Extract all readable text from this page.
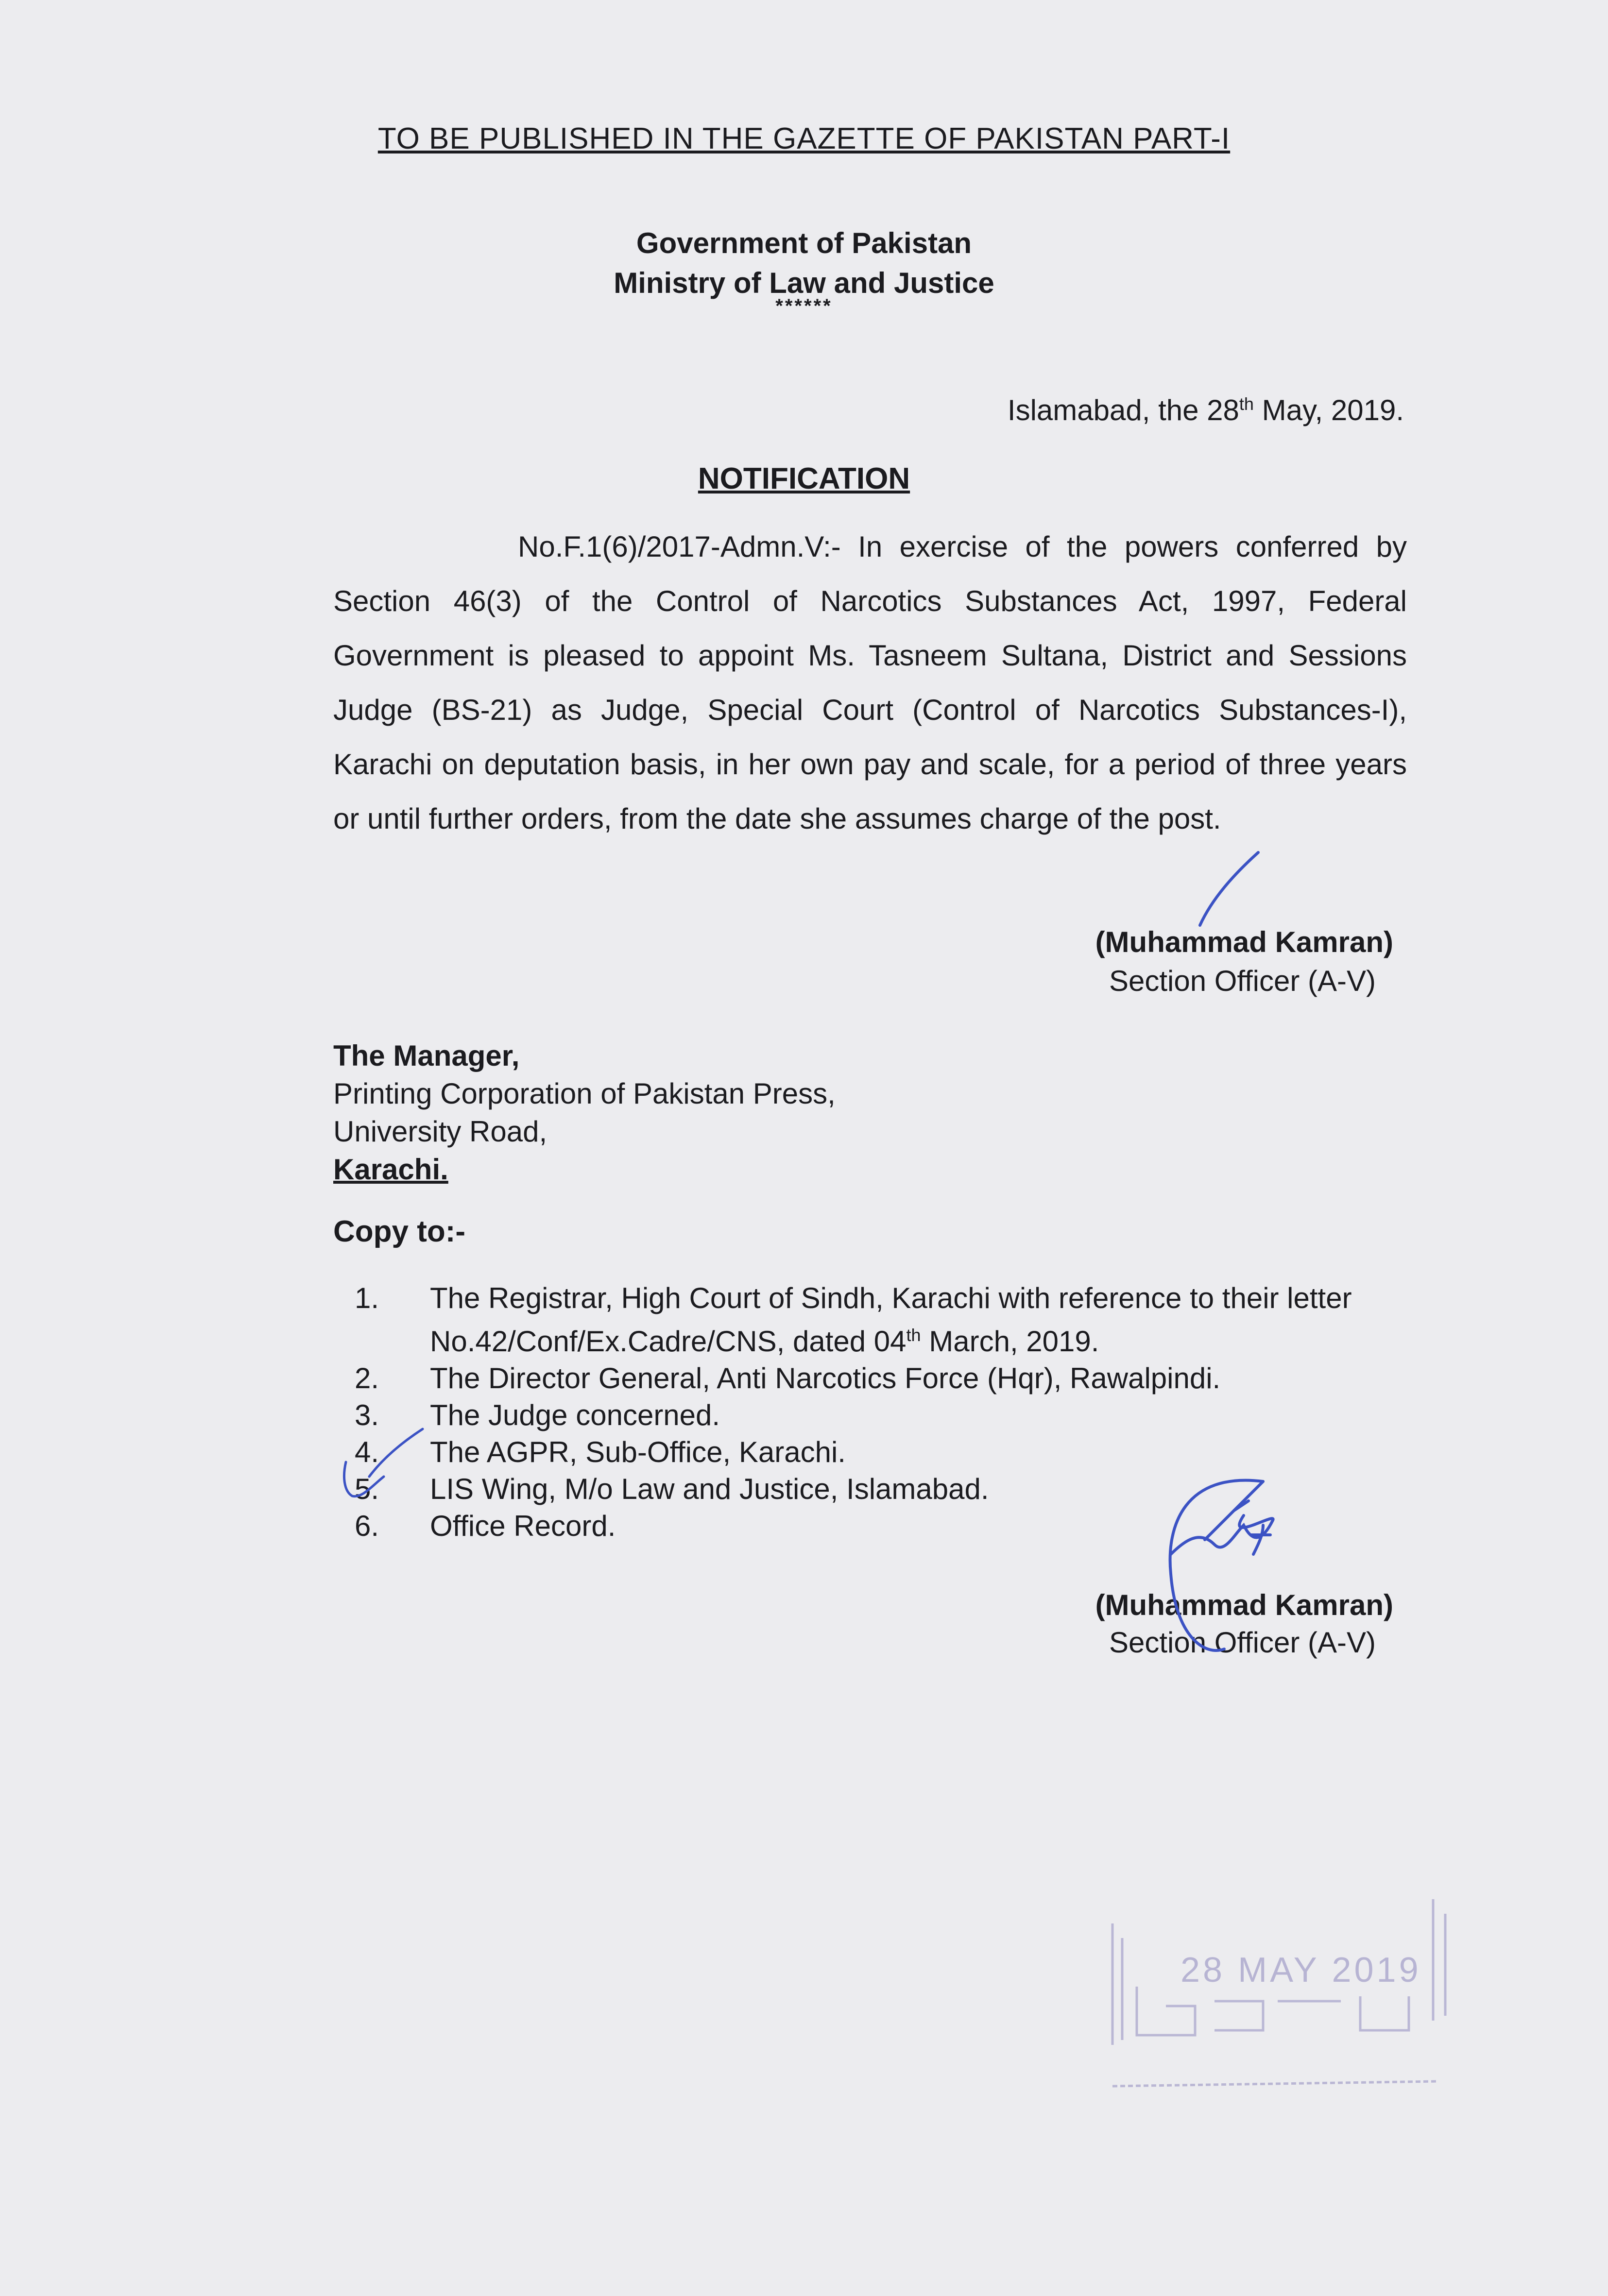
TO BE PUBLISHED IN THE GAZETTE OF PAKISTAN PART-I
Government of Pakistan
Ministry of Law and Justice
******
Islamabad, the 28th May, 2019.
NOTIFICATION
No.F.1(6)/2017-Admn.V:- In exercise of the powers conferred by Section 46(3) of the Control of Narcotics Substances Act, 1997, Federal Government is pleased to appoint Ms. Tasneem Sultana, District and Sessions Judge (BS-21) as Judge, Special Court (Control of Narcotics Substances-I), Karachi on deputation basis, in her own pay and scale, for a period of three years or until further orders, from the date she assumes charge of the post.
(Muhammad Kamran)
Section Officer (A-V)
The Manager,
Printing Corporation of Pakistan Press,
University Road,
Karachi.
Copy to:-
1.	The Registrar, High Court of Sindh, Karachi with reference to their letter
No.42/Conf/Ex.Cadre/CNS, dated 04th March, 2019.
2.	The Director General, Anti Narcotics Force (Hqr), Rawalpindi.
3.	The Judge concerned.
4.	The AGPR, Sub-Office, Karachi.
5.	LIS Wing, M/o Law and Justice, Islamabad.
6.	Office Record.
(Muhammad Kamran)
Section Officer (A-V)
28 MAY 2019
